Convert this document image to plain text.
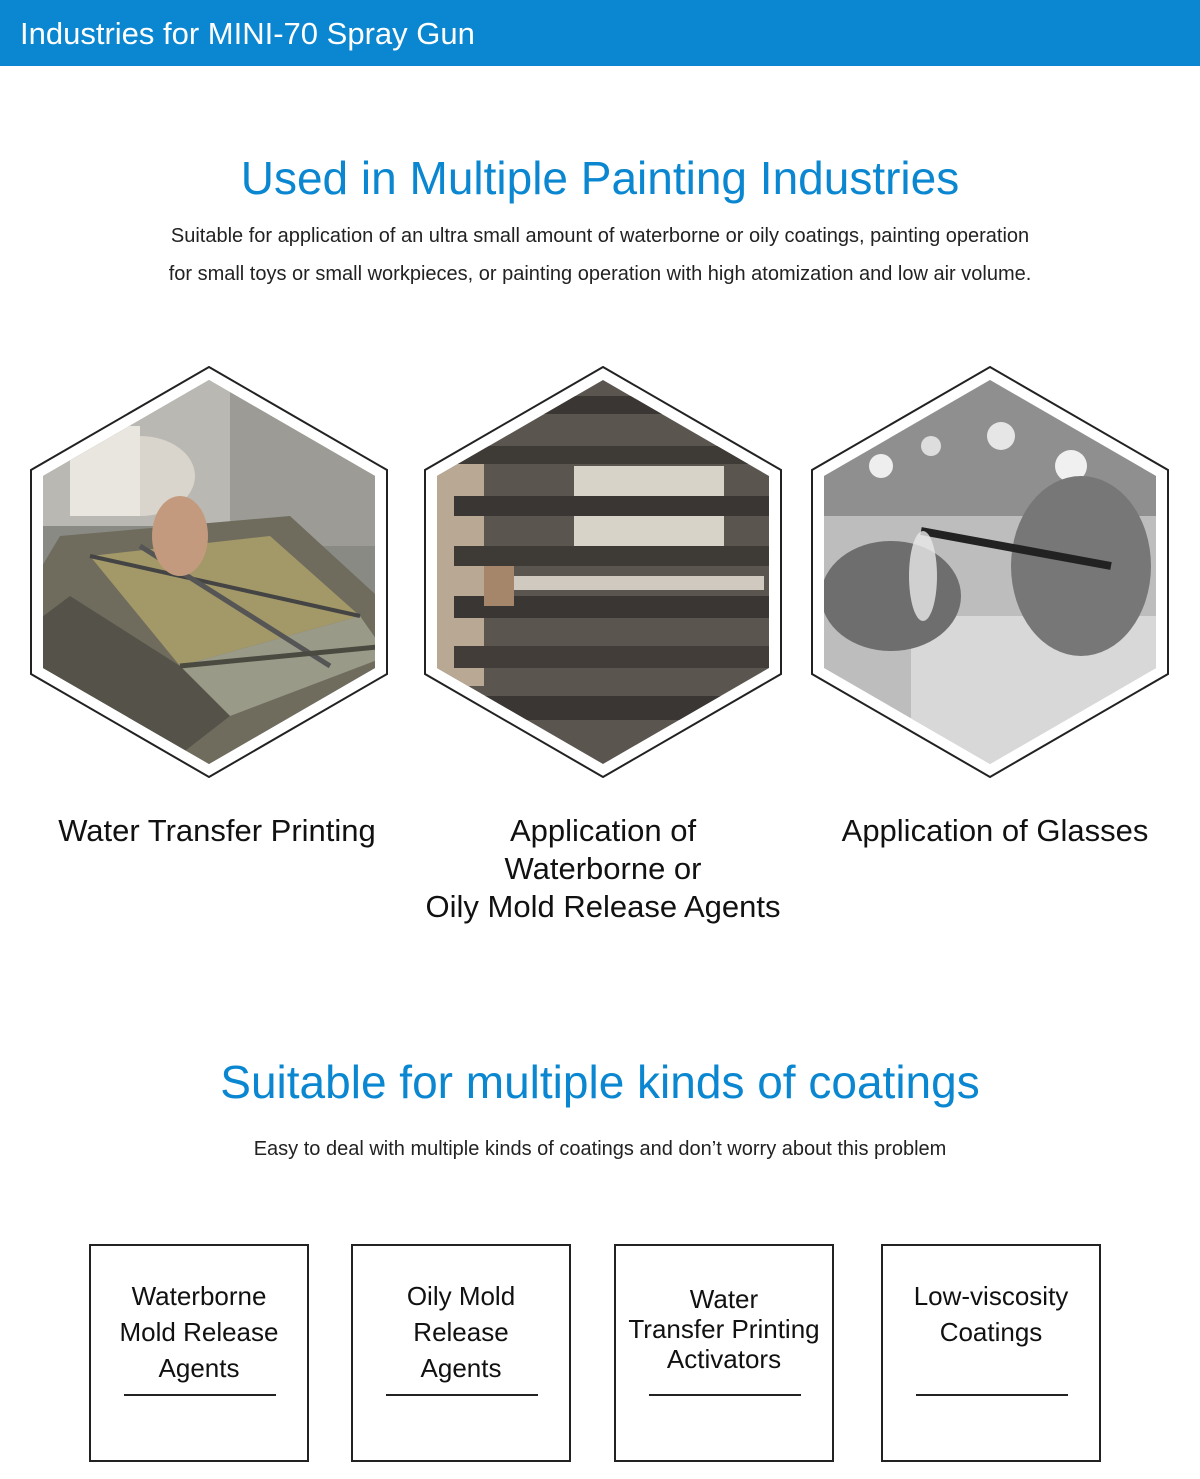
Industries for MINI-70 Spray Gun
Used in Multiple Painting Industries

Suitable for application of an ultra small amount of waterborne or oily coatings, painting operation
for small toys or small workpieces, or painting operation with high atomization and low air volume.

Water Transfer Printing	Application of
Waterborne or
Oily Mold Release Agents
Application of Glasses
Suitable for multiple kinds of coatings

Easy to deal with multiple kinds of coatings and don’t worry about this problem

Waterborne
Mold Release
Agents
Oily Mold
Release
Agents
Water
Transfer Printing
Activators
Low-viscosity
Coatings
